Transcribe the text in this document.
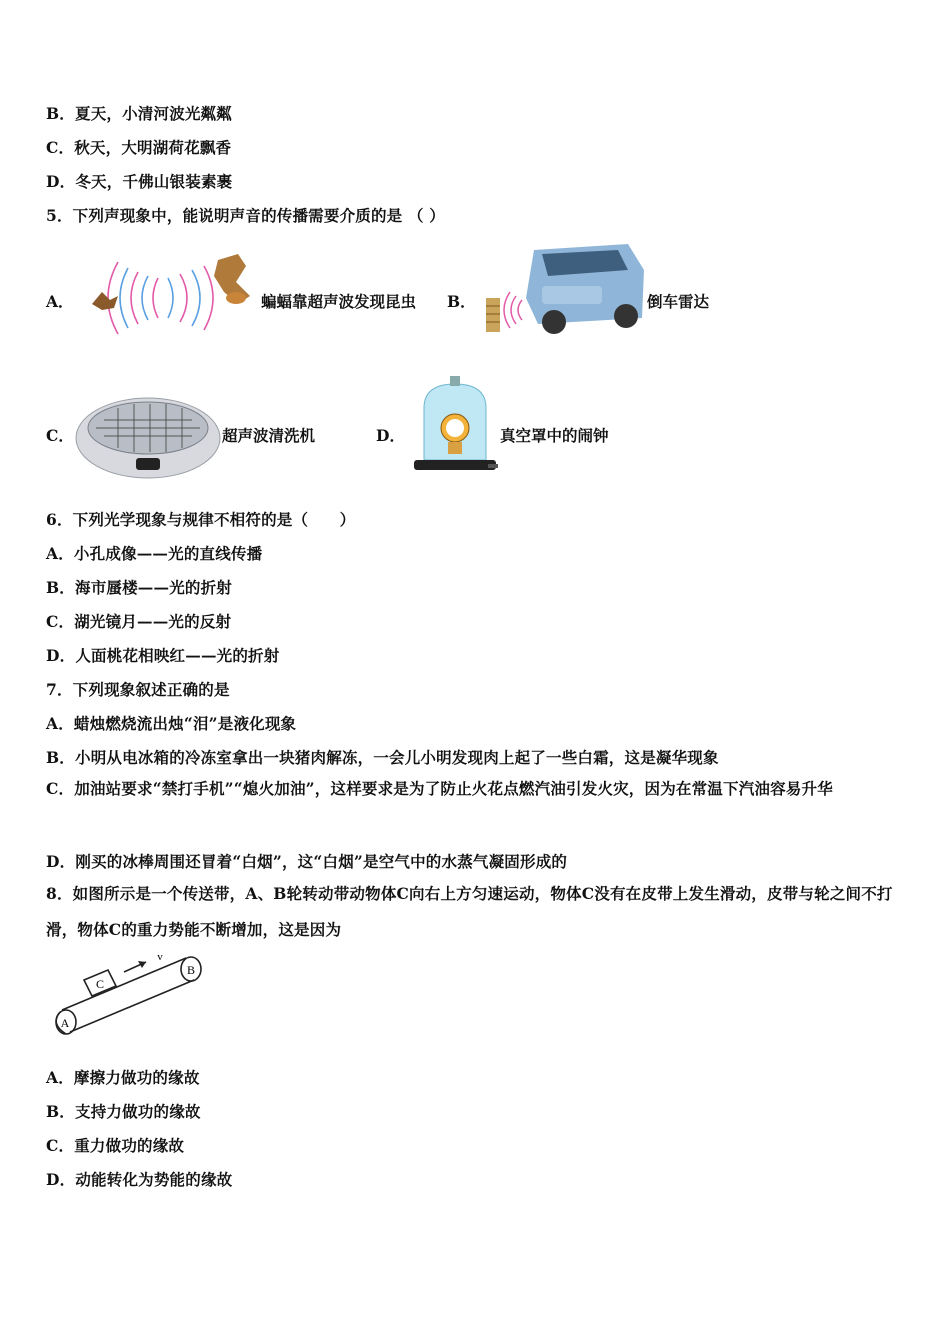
B．夏天，小清河波光粼粼
C．秋天，大明湖荷花飘香
D．冬天，千佛山银装素裹
5．下列声现象中，能说明声音的传播需要介质的是 （ ）
A．	蝙蝠靠超声波发现昆虫 B．	倒车雷达
C．	超声波清洗机	D．	真空罩中的闹钟
6．下列光学现象与规律不相符的是（　　）
A．小孔成像——光的直线传播
B．海市蜃楼——光的折射
C．湖光镜月——光的反射
D．人面桃花相映红——光的折射
7．下列现象叙述正确的是
A．蜡烛燃烧流出烛“泪”是液化现象
B．小明从电冰箱的冷冻室拿出一块猪肉解冻，一会儿小明发现肉上起了一些白霜，这是凝华现象
C．加油站要求“禁打手机”“熄火加油”，这样要求是为了防止火花点燃汽油引发火灾，因为在常温下汽油容易升华
D．刚买的冰棒周围还冒着“白烟”，这“白烟”是空气中的水蒸气凝固形成的
8．如图所示是一个传送带，A、B轮转动带动物体C向右上方匀速运动，物体C没有在皮带上发生滑动，皮带与轮之间不打滑，物体C的重力势能不断增加，这是因为
A
B
C
v
A．摩擦力做功的缘故
B．支持力做功的缘故
C．重力做功的缘故
D．动能转化为势能的缘故
